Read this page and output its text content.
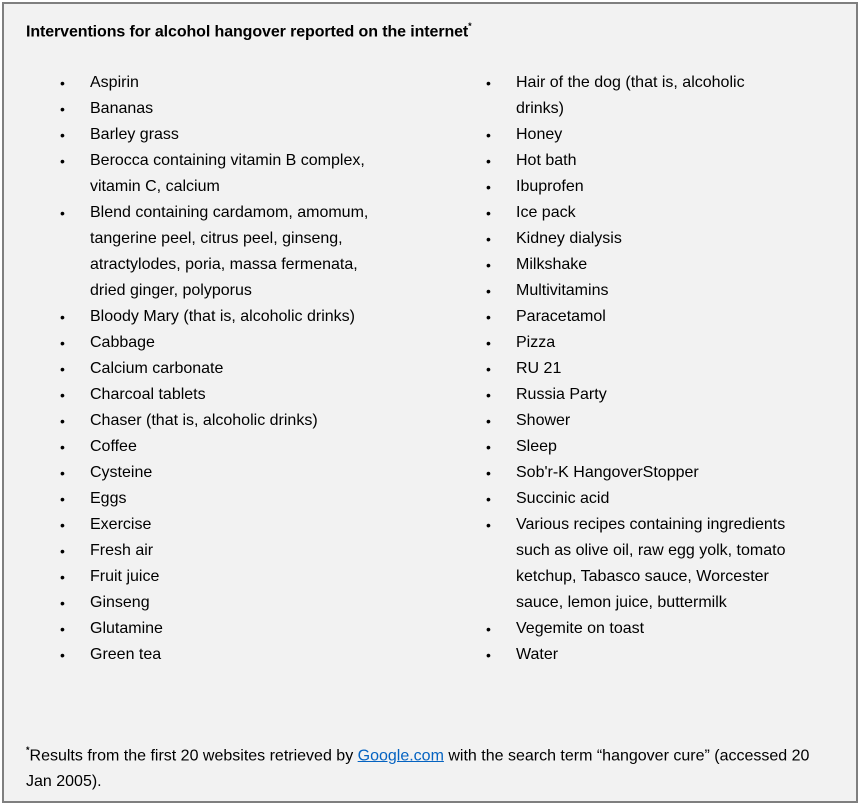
Interventions for alcohol hangover reported on the internet*
•	Aspirin
•	Bananas
•	Barley grass
•	Berocca containing vitamin B complex, vitamin C, calcium
•	Blend containing cardamom, amomum, tangerine peel, citrus peel, ginseng, atractylodes, poria, massa fermenata, dried ginger, polyporus
•	Bloody Mary (that is, alcoholic drinks)
•	Cabbage
•	Calcium carbonate
•	Charcoal tablets
•	Chaser (that is, alcoholic drinks)
•	Coffee
•	Cysteine
•	Eggs
•	Exercise
•	Fresh air
•	Fruit juice
•	Ginseng
•	Glutamine
•	Green tea
•	Hair of the dog (that is, alcoholic drinks)
•	Honey
•	Hot bath
•	Ibuprofen
•	Ice pack
•	Kidney dialysis
•	Milkshake
•	Multivitamins
•	Paracetamol
•	Pizza
•	RU 21
•	Russia Party
•	Shower
•	Sleep
•	Sob'r-K HangoverStopper
•	Succinic acid
•	Various recipes containing ingredients such as olive oil, raw egg yolk, tomato ketchup, Tabasco sauce, Worcester sauce, lemon juice, buttermilk
•	Vegemite on toast
•	Water
*Results from the first 20 websites retrieved by Google.com with the search term “hangover cure” (accessed 20 Jan 2005).
